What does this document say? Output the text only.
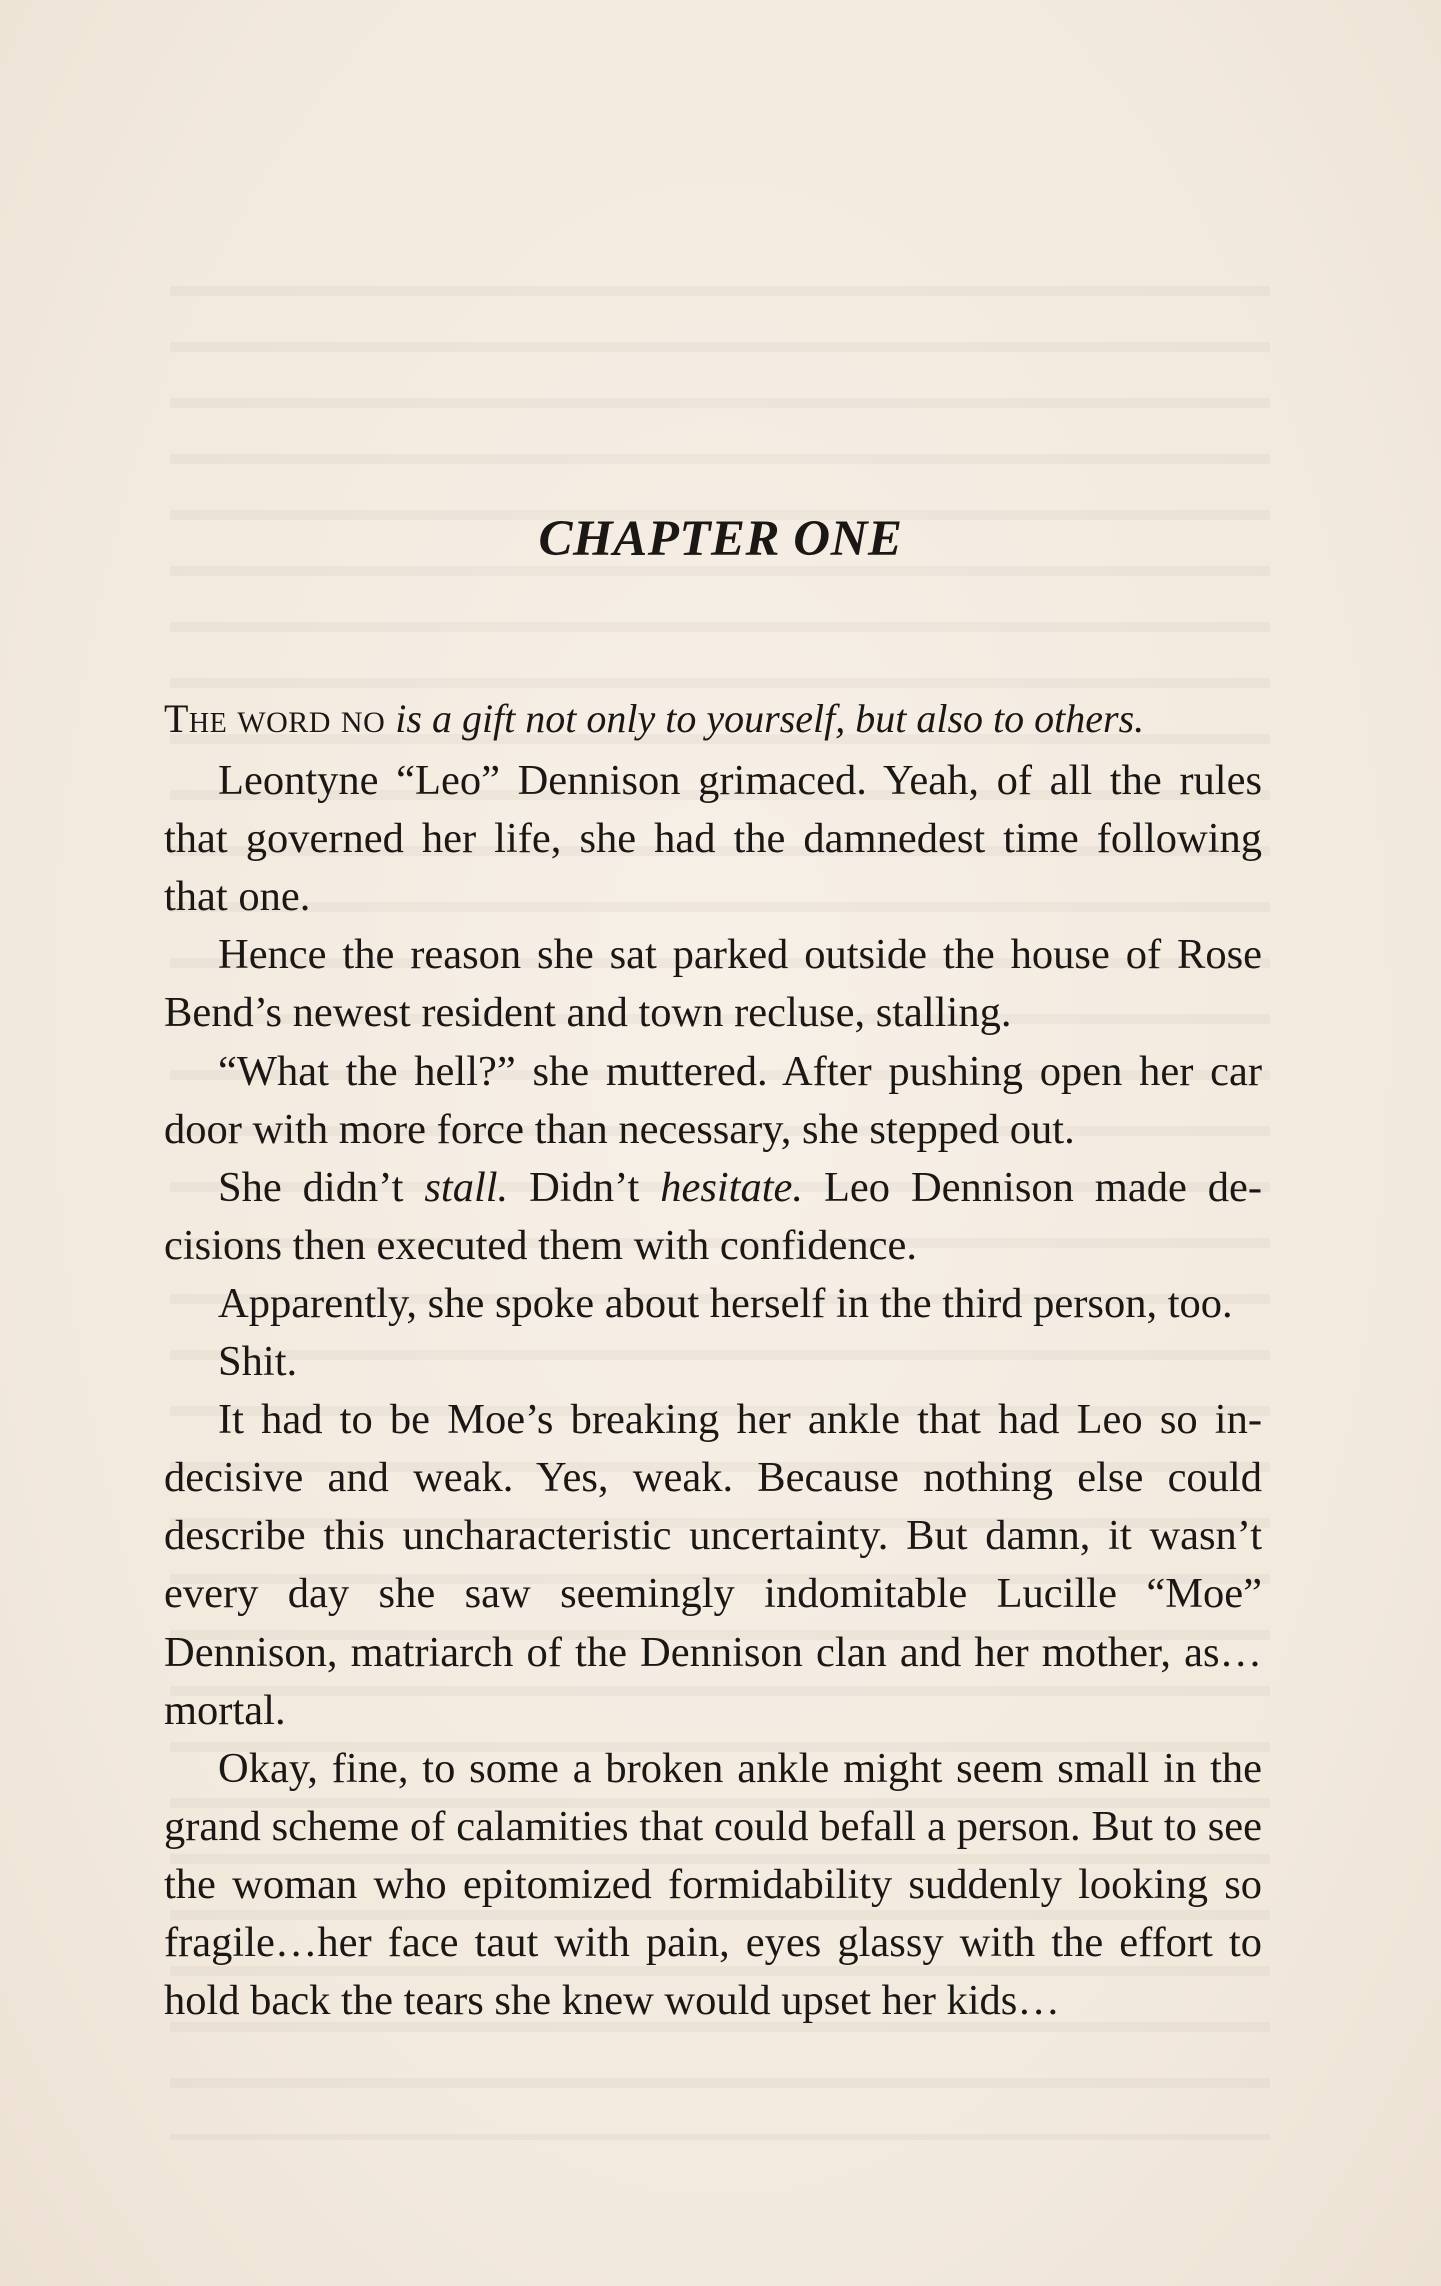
CHAPTER ONE

The WORD NO is a gift not only to yourself, but also to others.

Leontyne “Leo” Dennison grimaced. Yeah, of all the rules that governed her life, she had the damnedest time following that one.

Hence the reason she sat parked outside the house of Rose Bend’s newest resident and town recluse, stalling.

“What the hell?” she muttered. After pushing open her car door with more force than necessary, she stepped out.

She didn’t stall. Didn’t hesitate. Leo Dennison made decisions then executed them with confidence.

Apparently, she spoke about herself in the third person, too.

Shit.

It had to be Moe’s breaking her ankle that had Leo so indecisive and weak. Yes, weak. Because nothing else could describe this uncharacteristic uncertainty. But damn, it wasn’t every day she saw seemingly indomitable Lucille “Moe” Dennison, matriarch of the Dennison clan and her mother, as…mortal.

Okay, fine, to some a broken ankle might seem small in the grand scheme of calamities that could befall a person. But to see the woman who epitomized formidability suddenly looking so fragile…her face taut with pain, eyes glassy with the effort to hold back the tears she knew would upset her kids…
